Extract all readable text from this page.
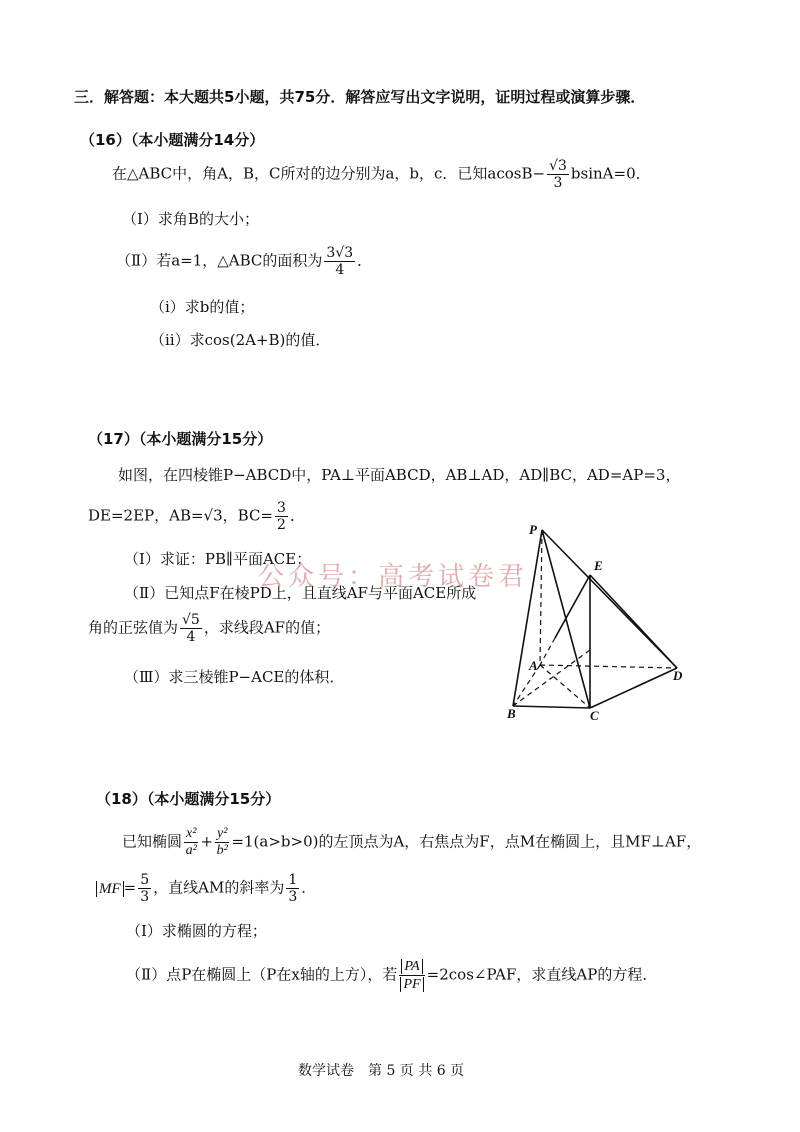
三．解答题：本大题共5小题，共75分．解答应写出文字说明，证明过程或演算步骤．
（16）（本小题满分14分）
在△ABC中，角A，B，C所对的边分别为a，b，c．已知$acosB- \frac{√3}{3} bsinA=0$．
（Ⅰ）求角B的大小；
（Ⅱ）若a=1，△ABC的面积为 $\frac{3√3}{4}$ ．
（ⅰ）求b的值；
（ⅱ）求cos(2A+B)的值．
（17）（本小题满分15分）
如图，在四棱锥P−ABCD中，PA⊥平面ABCD，AB⊥AD，AD∥BC，AD=AP=3，
DE=2EP，AB=√3，$BC= \frac{3}{2}$ ．
（Ⅰ）求证：PB∥平面ACE；
（Ⅱ）已知点F在棱PD上，且直线AF与平面ACE所成
角的正弦值为 $\frac{√5}{4}$ ，求线段AF的值；
（Ⅲ）求三棱锥P−ACE的体积．
公众号：高考试卷君
P
E
A
D
B	C
（18）（本小题满分15分）
已知椭圆 $\frac{\text{x²}}{\text{a²}} + \frac{\text{y²}}{\text{b²}} =1(a>b>0)$的左顶点为A，右焦点为F，点M在椭圆上，且MF⊥AF，
MF = $\frac{5}{3}$ ，直线AM的斜率为 $\frac{1}{3}$ ．
（Ⅰ）求椭圆的方程；
（Ⅱ）点P在椭圆上（P在x轴的上方），若 $\frac{PA}{PF}$ =2cos∠PAF，求直线AP的方程．
数学试卷　第 5 页 共 6 页
